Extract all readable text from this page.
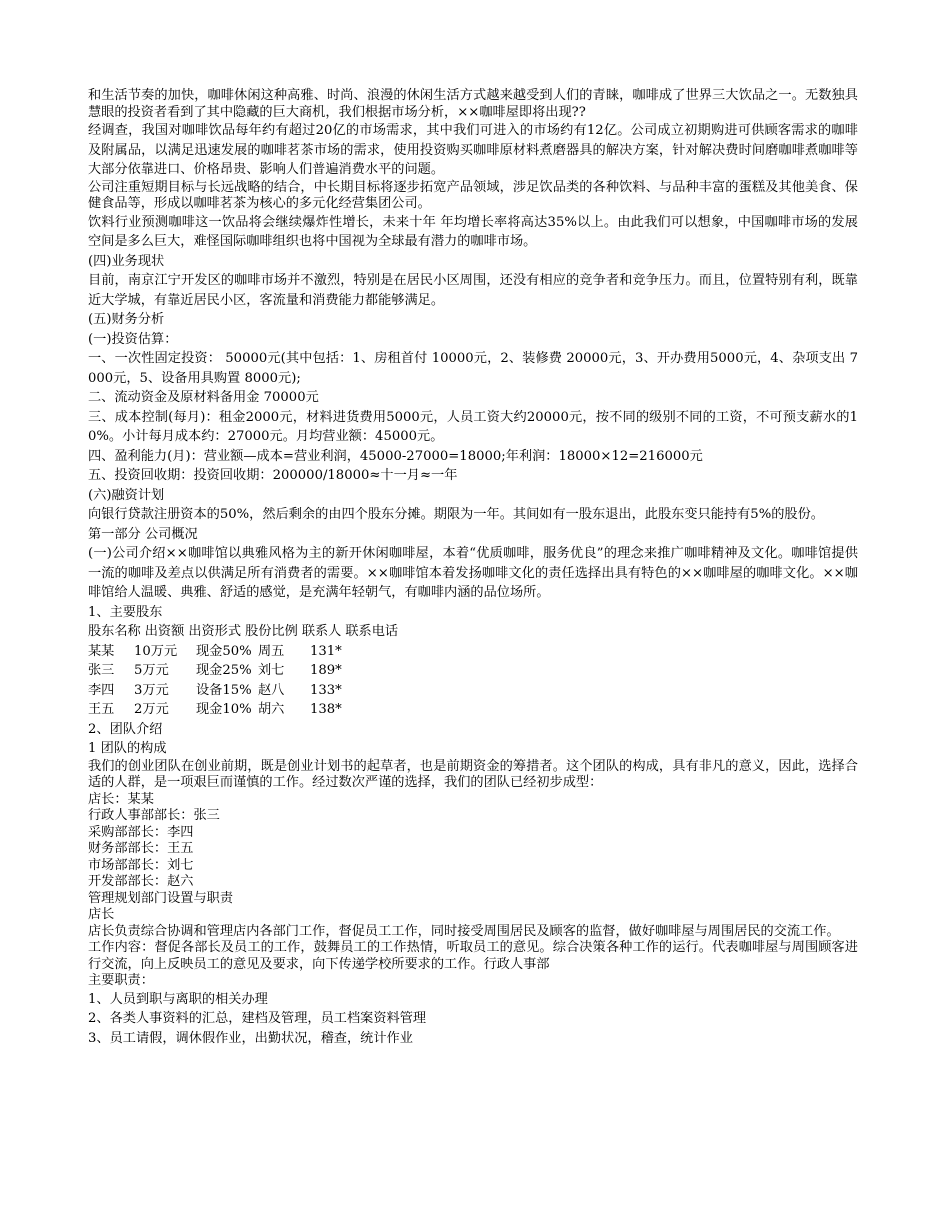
和生活节奏的加快，咖啡休闲这种高雅、时尚、浪漫的休闲生活方式越来越受到人们的青睐，咖啡成了世界三大饮品之一。无数独具慧眼的投资者看到了其中隐藏的巨大商机，我们根据市场分析，××咖啡屋即将出现??

经调查，我国对咖啡饮品每年约有超过20亿的市场需求，其中我们可进入的市场约有12亿。公司成立初期购进可供顾客需求的咖啡及附属品，以满足迅速发展的咖啡茗茶市场的需求，使用投资购买咖啡原材料煮磨器具的解决方案，针对解决费时间磨咖啡煮咖啡等大部分依靠进口、价格昂贵、影响人们普遍消费水平的问题。

公司注重短期目标与长远战略的结合，中长期目标将逐步拓宽产品领域，涉足饮品类的各种饮料、与品种丰富的蛋糕及其他美食、保健食品等，形成以咖啡茗茶为核心的多元化经营集团公司。

饮料行业预测咖啡这一饮品将会继续爆炸性增长，未来十年 年均增长率将高达35%以上。由此我们可以想象，中国咖啡市场的发展空间是多么巨大，难怪国际咖啡组织也将中国视为全球最有潜力的咖啡市场。

(四)业务现状

目前，南京江宁开发区的咖啡市场并不激烈，特别是在居民小区周围，还没有相应的竞争者和竞争压力。而且，位置特别有利，既靠近大学城，有靠近居民小区，客流量和消费能力都能够满足。

(五)财务分析

(一)投资估算：

一、一次性固定投资： 50000元(其中包括：1、房租首付 10000元，2、装修费 20000元，3、开办费用5000元，4、杂项支出 7000元，5、设备用具购置 8000元);

二、流动资金及原材料备用金 70000元

三、成本控制(每月)：租金2000元，材料进货费用5000元，人员工资大约20000元，按不同的级别不同的工资，不可预支薪水的10%。小计每月成本约：27000元。月均营业额：45000元。

四、盈利能力(月)：营业额—成本=营业利润，45000-27000=18000;年利润：18000×12=216000元

五、投资回收期：投资回收期：200000/18000≈十一月≈一年

(六)融资计划

向银行贷款注册资本的50%，然后剩余的由四个股东分摊。期限为一年。其间如有一股东退出，此股东变只能持有5%的股份。

第一部分 公司概况

(一)公司介绍××咖啡馆以典雅风格为主的新开休闲咖啡屋，本着“优质咖啡，服务优良”的理念来推广咖啡精神及文化。咖啡馆提供一流的咖啡及差点以供满足所有消费者的需要。××咖啡馆本着发扬咖啡文化的责任选择出具有特色的××咖啡屋的咖啡文化。××咖啡馆给人温暖、典雅、舒适的感觉，是充满年轻朝气，有咖啡内涵的品位场所。

1、主要股东

股东名称 出资额 出资形式 股份比例 联系人 联系电话
某某	10万元	现金50% 周五	131*
张三	5万元	现金25% 刘七	189*
李四	3万元	设备15% 赵八	133*
王五	2万元	现金10% 胡六	138*

2、团队介绍

1 团队的构成

我们的创业团队在创业前期，既是创业计划书的起草者，也是前期资金的筹措者。这个团队的构成，具有非凡的意义，因此，选择合适的人群，是一项艰巨而谨慎的工作。经过数次严谨的选择，我们的团队已经初步成型：

店长：某某

行政人事部部长：张三

采购部部长：李四

财务部部长：王五

市场部部长：刘七

开发部部长：赵六

管理规划部门设置与职责

店长

店长负责综合协调和管理店内各部门工作，督促员工工作，同时接受周围居民及顾客的监督，做好咖啡屋与周围居民的交流工作。

工作内容：督促各部长及员工的工作，鼓舞员工的工作热情，听取员工的意见。综合决策各种工作的运行。代表咖啡屋与周围顾客进行交流，向上反映员工的意见及要求，向下传递学校所要求的工作。行政人事部

主要职责：

1、人员到职与离职的相关办理

2、各类人事资料的汇总，建档及管理，员工档案资料管理

3、员工请假，调休假作业，出勤状况，稽查，统计作业
